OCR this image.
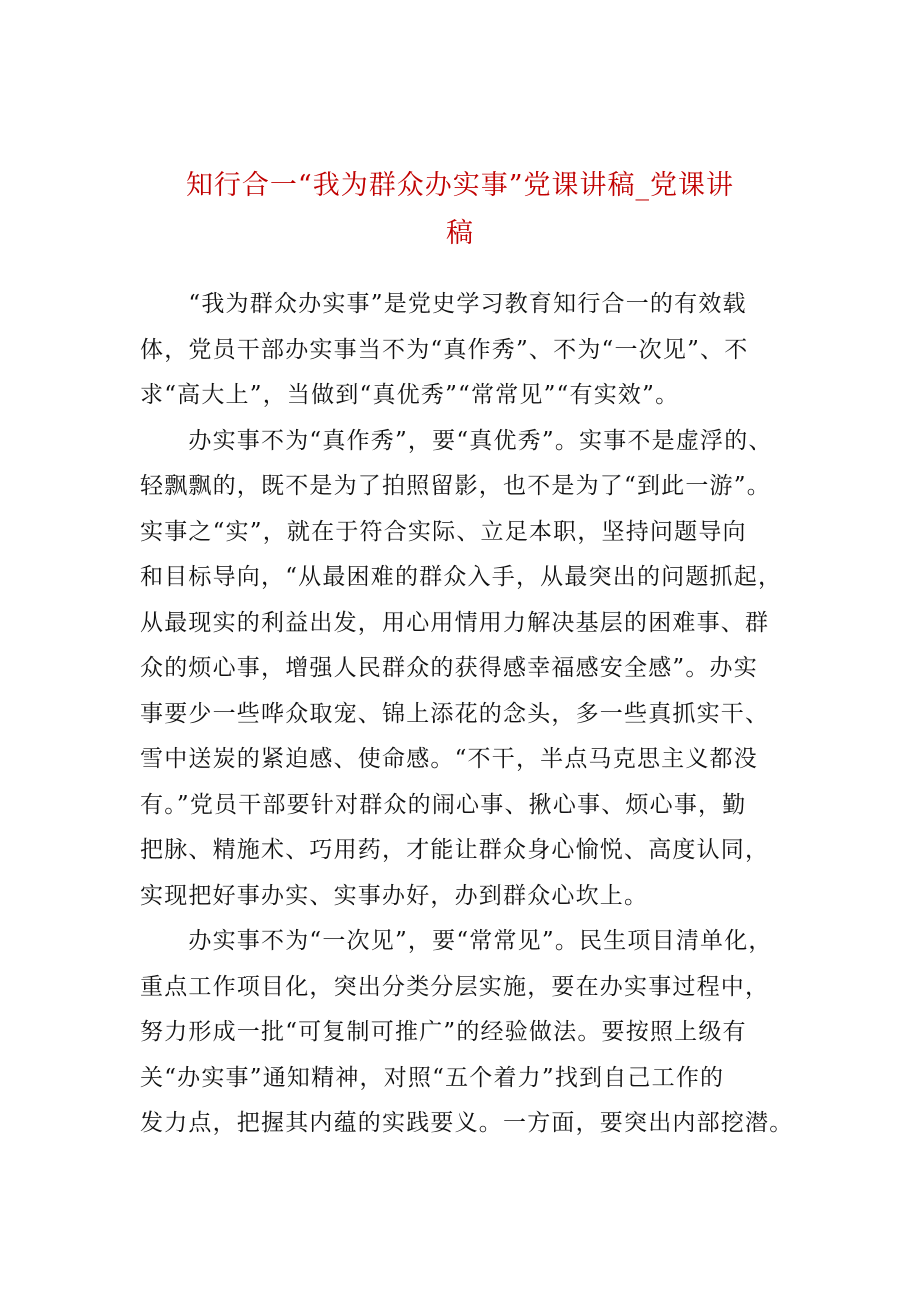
知行合一“我为群众办实事”党课讲稿_党课讲
稿

　　“我为群众办实事”是党史学习教育知行合一的有效载
体，党员干部办实事当不为“真作秀”、不为“一次见”、不
求“高大上”，当做到“真优秀”“常常见”“有实效”。

　　办实事不为“真作秀”，要“真优秀”。实事不是虚浮的、
轻飘飘的，既不是为了拍照留影，也不是为了“到此一游”。
实事之“实”，就在于符合实际、立足本职，坚持问题导向
和目标导向，“从最困难的群众入手，从最突出的问题抓起，
从最现实的利益出发，用心用情用力解决基层的困难事、群
众的烦心事，增强人民群众的获得感幸福感安全感”。办实
事要少一些哗众取宠、锦上添花的念头，多一些真抓实干、
雪中送炭的紧迫感、使命感。“不干，半点马克思主义都没
有。”党员干部要针对群众的闹心事、揪心事、烦心事，勤
把脉、精施术、巧用药，才能让群众身心愉悦、高度认同，
实现把好事办实、实事办好，办到群众心坎上。

　　办实事不为“一次见”，要“常常见”。民生项目清单化，
重点工作项目化，突出分类分层实施，要在办实事过程中，
努力形成一批“可复制可推广”的经验做法。要按照上级有
关“办实事”通知精神，对照“五个着力”找到自己工作的
发力点，把握其内蕴的实践要义。一方面，要突出内部挖潜。
